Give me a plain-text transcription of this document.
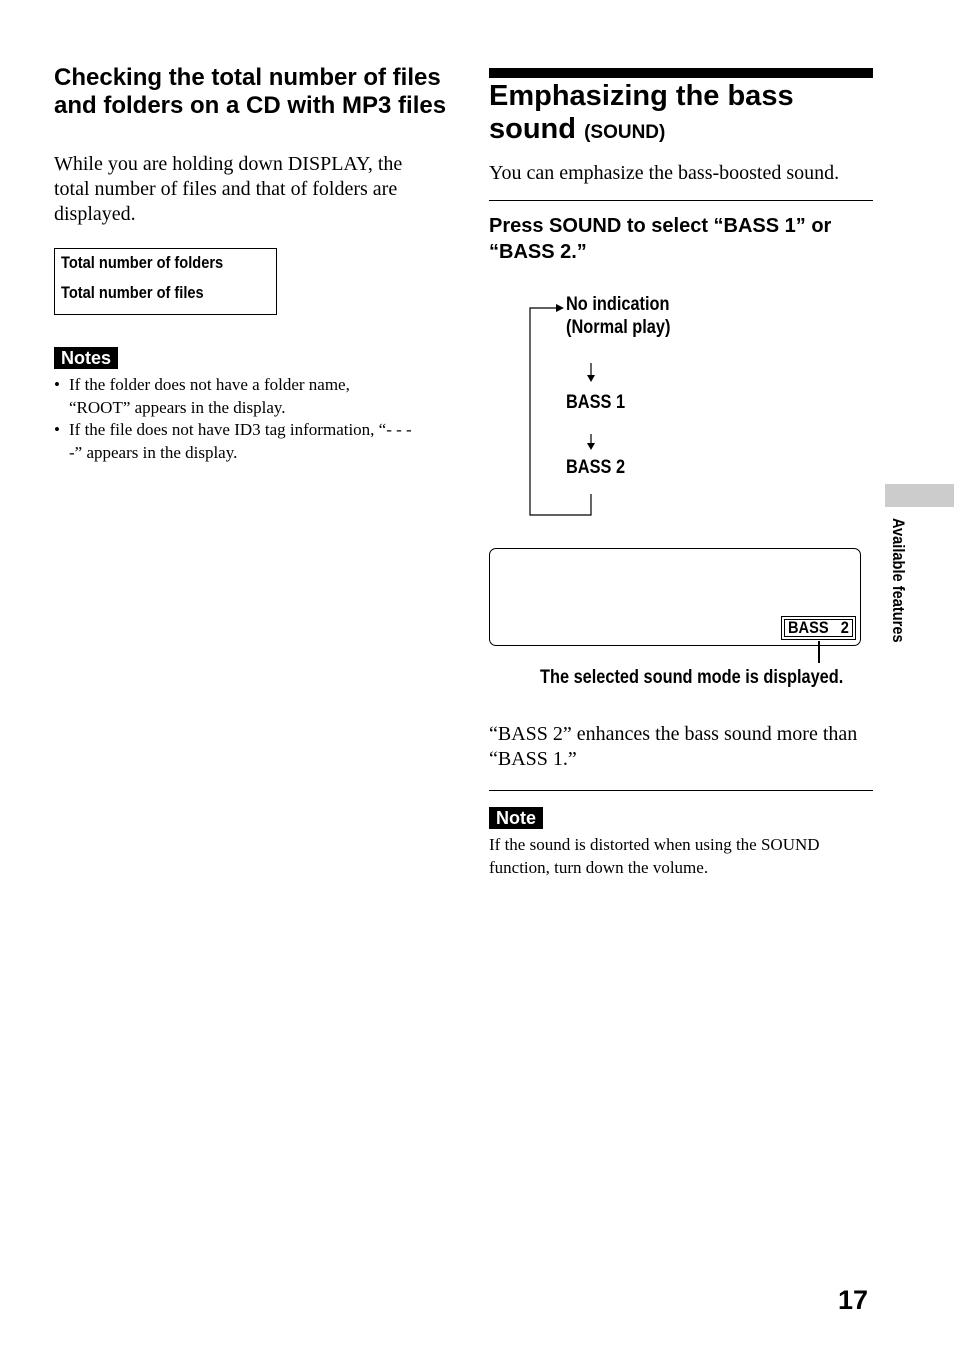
Checking the total number of files and folders on a CD with MP3 files
While you are holding down DISPLAY, the total number of files and that of folders are displayed.
Total number of folders
Total number of files
Notes
• If the folder does not have a folder name, “ROOT” appears in the display.
• If the file does not have ID3 tag information, “- - - -” appears in the display.
Emphasizing the bass sound (SOUND)
You can emphasize the bass-boosted sound.
Press SOUND to select “BASS 1” or “BASS 2.”
No indication
(Normal play)
BASS 1
BASS 2
BASS   2
The selected sound mode is displayed.
“BASS 2” enhances the bass sound more than “BASS 1.”
Note
If the sound is distorted when using the SOUND function, turn down the volume.
Available features
17
